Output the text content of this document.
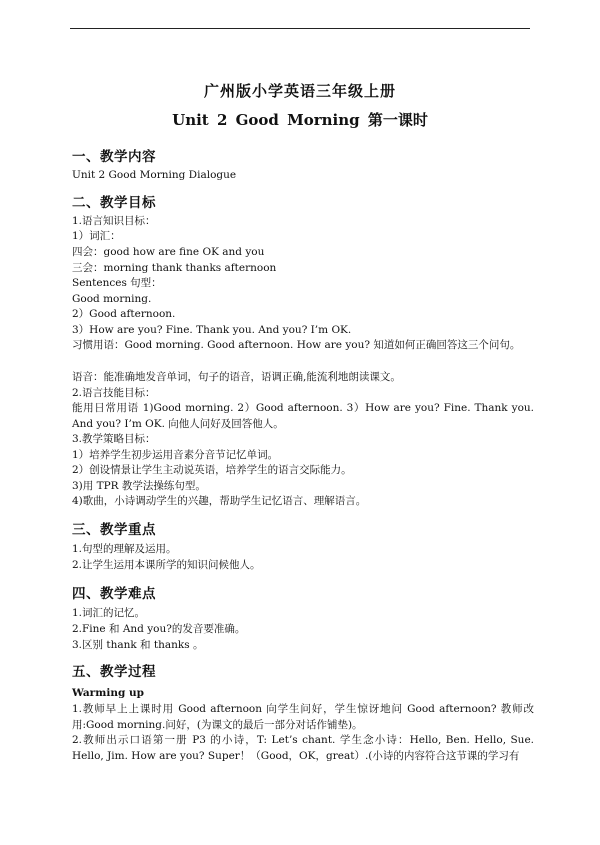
广州版小学英语三年级上册
Unit 2 Good Morning 第一课时
一、教学内容
Unit 2 Good Morning Dialogue
二、教学目标
1.语言知识目标：
1）词汇：
四会：good how are fine OK and you
三会：morning thank thanks afternoon
Sentences 句型：
Good morning.
2）Good afternoon.
3）How are you? Fine. Thank you. And you? I’m OK.
习惯用语：Good morning. Good afternoon. How are you? 知道如何正确回答这三个问句。
语音：能准确地发音单词，句子的语音，语调正确,能流利地朗读课文。
2.语言技能目标：
能用日常用语 1)Good morning. 2）Good afternoon. 3）How are you? Fine. Thank you. And you? I’m OK. 向他人问好及回答他人。
3.教学策略目标：
1）培养学生初步运用音素分音节记忆单词。
2）创设情景让学生主动说英语，培养学生的语言交际能力。
3)用 TPR 教学法操练句型。
4)歌曲，小诗调动学生的兴趣，帮助学生记忆语言、理解语言。
三、教学重点
1.句型的理解及运用。
2.让学生运用本课所学的知识问候他人。
四、教学难点
1.词汇的记忆。
2.Fine 和 And you?的发音要准确。
3.区别 thank 和 thanks 。
五、教学过程
Warming up
1.教师早上上课时用 Good afternoon 向学生问好，学生惊讶地问 Good afternoon? 教师改用:Good morning.问好，(为课文的最后一部分对话作铺垫)。
2.教师出示口语第一册 P3 的小诗，T: Let’s chant. 学生念小诗：Hello, Ben. Hello, Sue. Hello, Jim. How are you? Super！（Good，OK，great）.(小诗的内容符合这节课的学习有
